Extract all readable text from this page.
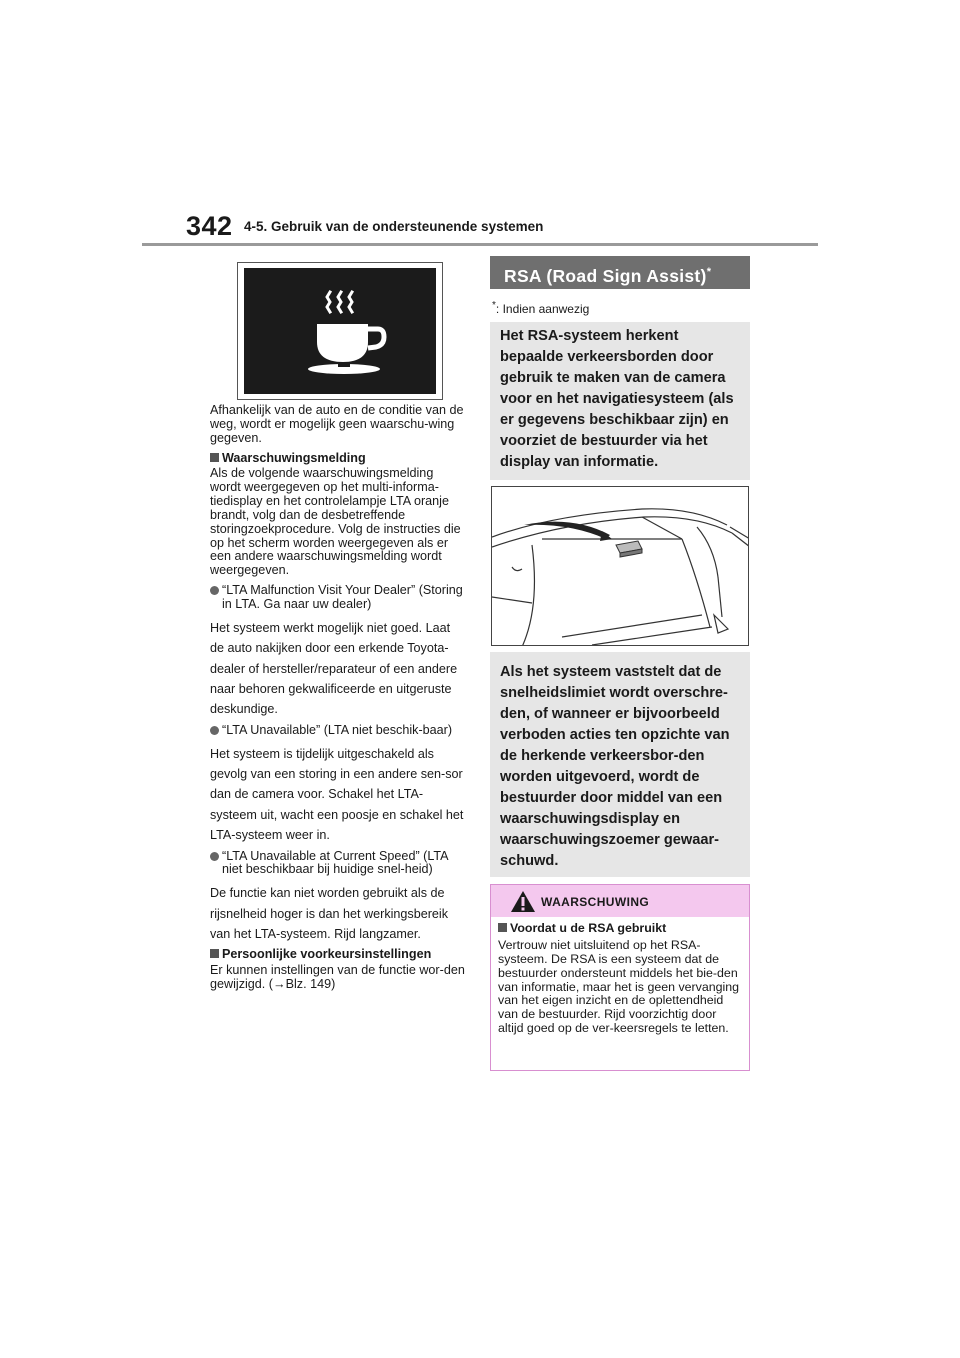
342 4-5. Gebruik van de ondersteunende systemen

Afhankelijk van de auto en de conditie van de weg, wordt er mogelijk geen waarschu-wing gegeven.

Waarschuwingsmelding

Als de volgende waarschuwingsmelding wordt weergegeven op het multi-informa-tiedisplay en het controlelampje LTA oranje brandt, volg dan de desbetreffende storingzoekprocedure. Volg de instructies die op het scherm worden weergegeven als er een andere waarschuwingsmelding wordt weergegeven.

“LTA Malfunction Visit Your Dealer” (Storing in LTA. Ga naar uw dealer)

Het systeem werkt mogelijk niet goed. Laat de auto nakijken door een erkende Toyota-dealer of hersteller/reparateur of een andere naar behoren gekwalificeerde en uitgeruste deskundige.

“LTA Unavailable” (LTA niet beschik-baar)

Het systeem is tijdelijk uitgeschakeld als gevolg van een storing in een andere sen-sor dan de camera voor. Schakel het LTA-systeem uit, wacht een poosje en schakel het LTA-systeem weer in.

“LTA Unavailable at Current Speed” (LTA niet beschikbaar bij huidige snel-heid)

De functie kan niet worden gebruikt als de rijsnelheid hoger is dan het werkingsbereik van het LTA-systeem. Rijd langzamer.

Persoonlijke voorkeursinstellingen

Er kunnen instellingen van de functie wor-den gewijzigd. (→Blz. 149)

RSA (Road Sign Assist)*
*: Indien aanwezig
Het RSA-systeem herkent bepaalde verkeersborden door gebruik te maken van de camera voor en het navigatiesysteem (als er gegevens beschikbaar zijn) en voorziet de bestuurder via het display van informatie.
Als het systeem vaststelt dat de snelheidslimiet wordt overschre-den, of wanneer er bijvoorbeeld verboden acties ten opzichte van de herkende verkeersbor-den worden uitgevoerd, wordt de bestuurder door middel van een waarschuwingsdisplay en waarschuwingszoemer gewaar-schuwd.
WAARSCHUWING

Voordat u de RSA gebruikt

Vertrouw niet uitsluitend op het RSA-systeem. De RSA is een systeem dat de bestuurder ondersteunt middels het bie-den van informatie, maar het is geen vervanging van het eigen inzicht en de oplettendheid van de bestuurder. Rijd voorzichtig door altijd goed op de ver-keersregels te letten.
